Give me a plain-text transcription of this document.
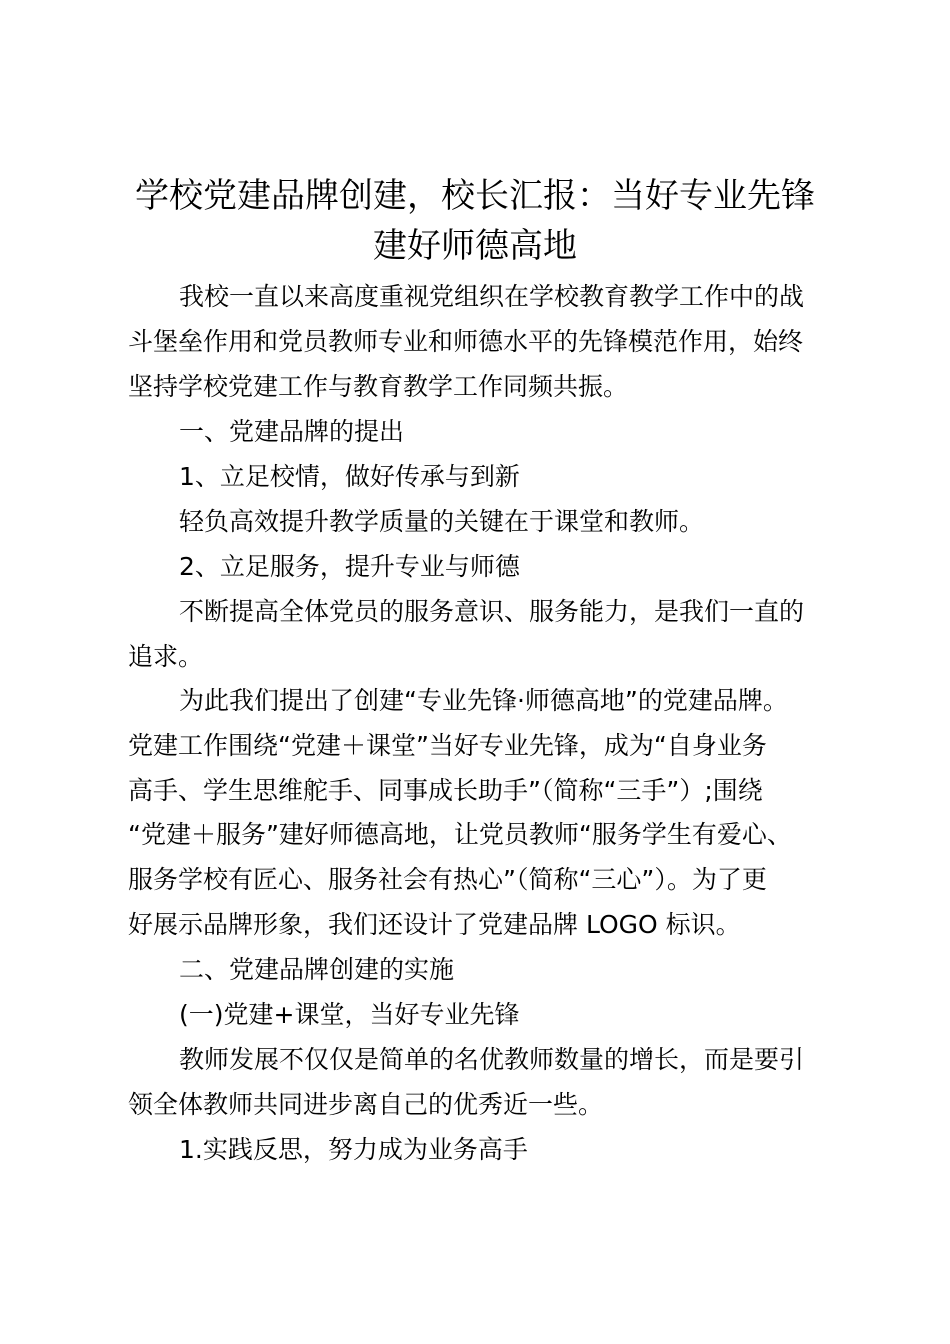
学校党建品牌创建，校长汇报：当好专业先锋
建好师德高地
我校一直以来高度重视党组织在学校教育教学工作中的战
斗堡垒作用和党员教师专业和师德水平的先锋模范作用，始终
坚持学校党建工作与教育教学工作同频共振。
一、党建品牌的提出
1、立足校情，做好传承与到新
轻负高效提升教学质量的关键在于课堂和教师。
2、立足服务，提升专业与师德
不断提高全体党员的服务意识、服务能力，是我们一直的
追求。
为此我们提出了创建“专业先锋·师德高地”的党建品牌。
党建工作围绕“党建＋课堂”当好专业先锋，成为“自身业务
高手、学生思维舵手、同事成长助手”（简称“三手”）;围绕
“党建＋服务”建好师德高地，让党员教师“服务学生有爱心、
服务学校有匠心、服务社会有热心”（简称“三心”）。为了更
好展示品牌形象，我们还设计了党建品牌 LOGO 标识。
二、党建品牌创建的实施
(一)党建+课堂，当好专业先锋
教师发展不仅仅是简单的名优教师数量的增长，而是要引
领全体教师共同进步离自己的优秀近一些。
1.实践反思，努力成为业务高手
